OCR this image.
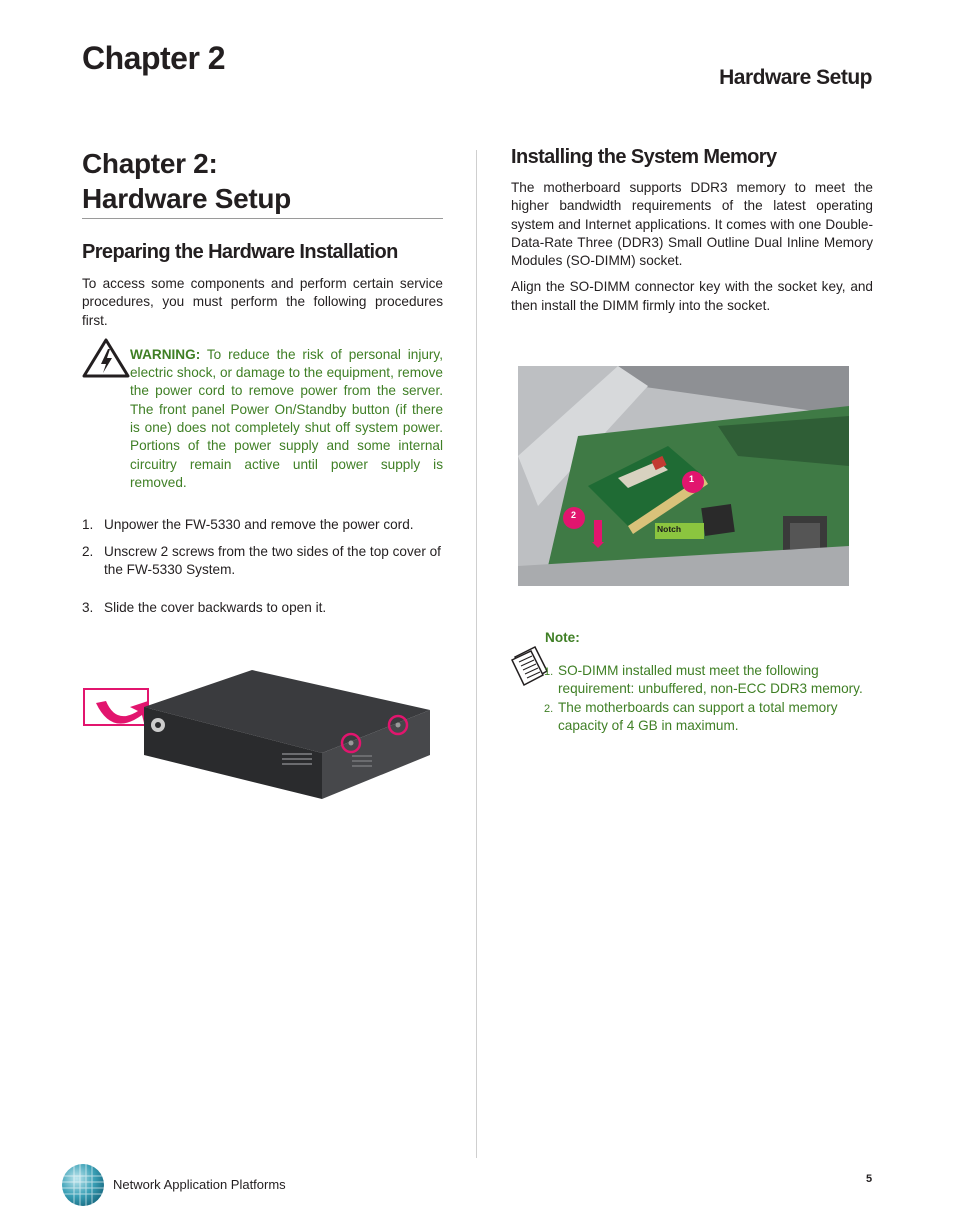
Chapter 2
Hardware Setup
Chapter 2:
Hardware Setup
Preparing the Hardware Installation

To access some components and perform certain service procedures, you must perform the following procedures first.

WARNING: To reduce the risk of personal injury, electric shock, or damage to the equipment, remove the power cord to remove power from the server. The front panel Power On/Standby button (if there is one) does not completely shut off system power. Portions of the power supply and some internal circuitry remain active until power supply is removed.

1. Unpower the FW-5330 and remove the power cord.
2. Unscrew 2 screws from the two sides of the top cover of the FW-5330 System.
3. Slide the cover backwards to open it.
Installing the System Memory

The motherboard supports DDR3 memory to meet the higher bandwidth requirements of the latest operating system and Internet applications. It comes with one Double-Data-Rate Three (DDR3) Small Outline Dual Inline Memory Modules (SO-DIMM) socket.

Align the SO-DIMM connector key with the socket key, and then install the DIMM firmly into the socket.

1
2
Notch
Note:
1. SO-DIMM installed must meet the following requirement: unbuffered, non-ECC DDR3 memory.
2. The motherboards can support a total memory capacity of 4 GB in maximum.
Network Application Platforms	5
